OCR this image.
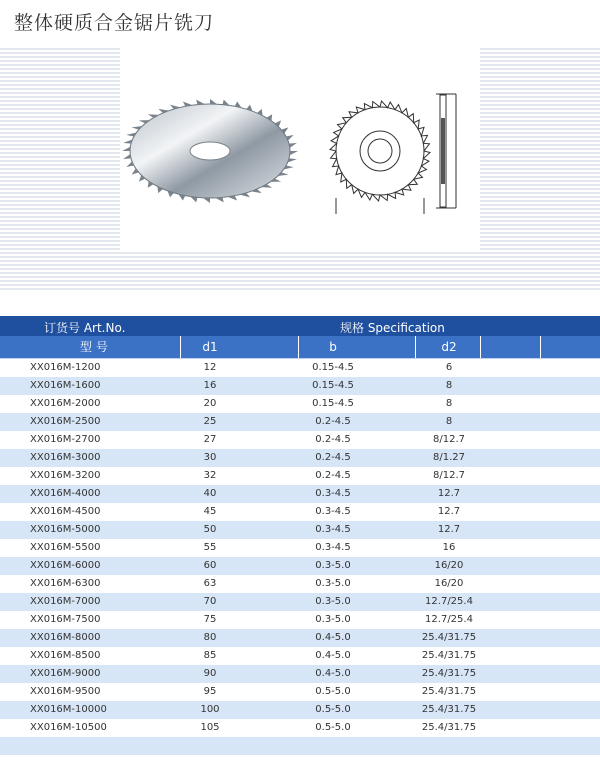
整体硬质合金锯片铣刀
订货号 Art.No.	规格 Specification
型 号	d1	b	d2
XX016M-1200	12	0.15-4.5	6
XX016M-1600	16	0.15-4.5	8
XX016M-2000	20	0.15-4.5	8
XX016M-2500	25	0.2-4.5	8
XX016M-2700	27	0.2-4.5	8/12.7
XX016M-3000	30	0.2-4.5	8/1.27
XX016M-3200	32	0.2-4.5	8/12.7
XX016M-4000	40	0.3-4.5	12.7
XX016M-4500	45	0.3-4.5	12.7
XX016M-5000	50	0.3-4.5	12.7
XX016M-5500	55	0.3-4.5	16
XX016M-6000	60	0.3-5.0	16/20
XX016M-6300	63	0.3-5.0	16/20
XX016M-7000	70	0.3-5.0	12.7/25.4
XX016M-7500	75	0.3-5.0	12.7/25.4
XX016M-8000	80	0.4-5.0	25.4/31.75
XX016M-8500	85	0.4-5.0	25.4/31.75
XX016M-9000	90	0.4-5.0	25.4/31.75
XX016M-9500	95	0.5-5.0	25.4/31.75
XX016M-10000	100	0.5-5.0	25.4/31.75
XX016M-10500	105	0.5-5.0	25.4/31.75
